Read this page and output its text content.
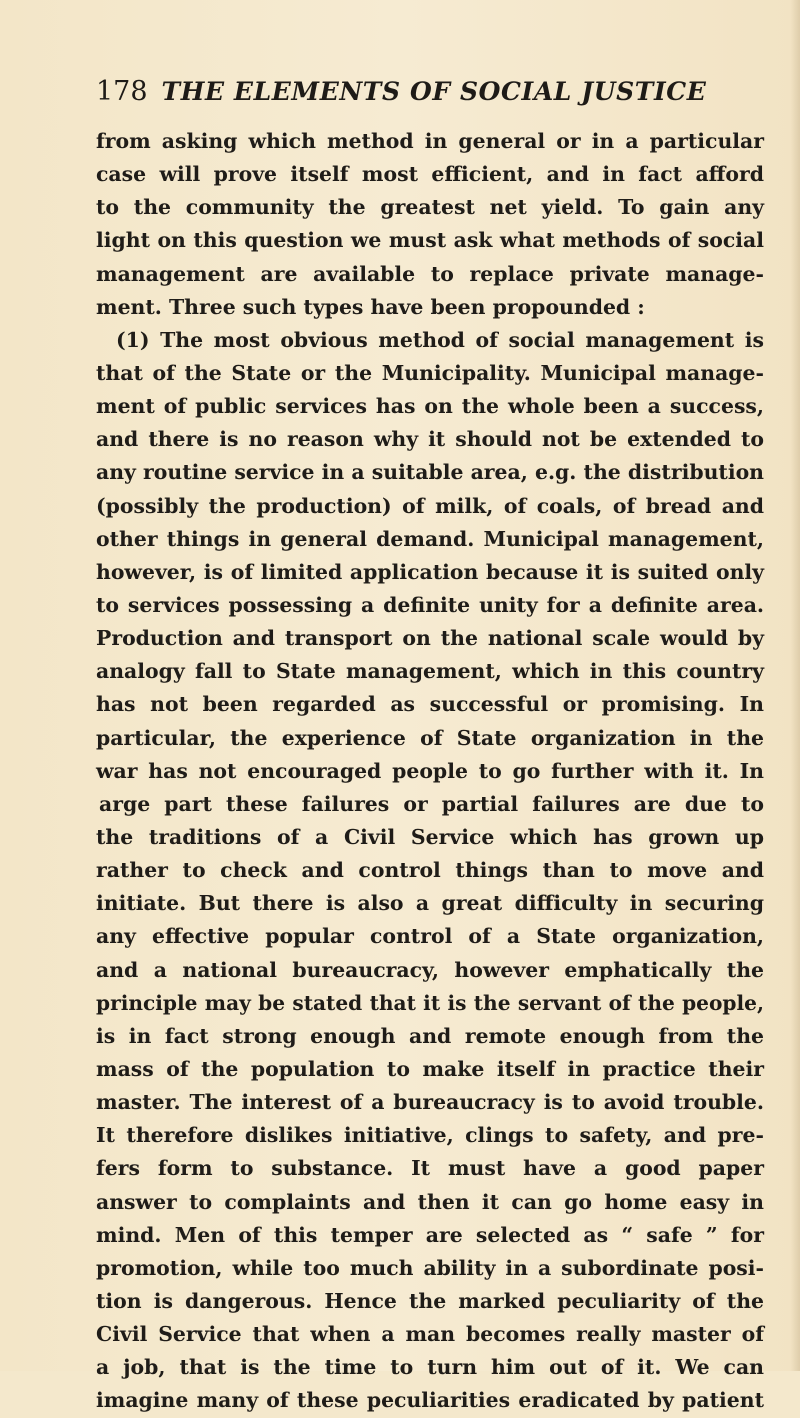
178 THE ELEMENTS OF SOCIAL JUSTICE
from asking which method in general or in a particular
case will prove itself most efficient, and in fact afford
to the community the greatest net yield. To gain any
light on this question we must ask what methods of social
management are available to replace private manage-
ment. Three such types have been propounded :
(1) The most obvious method of social management is
that of the State or the Municipality. Municipal manage-
ment of public services has on the whole been a success,
and there is no reason why it should not be extended to
any routine service in a suitable area, e.g. the distribution
(possibly the production) of milk, of coals, of bread and
other things in general demand. Municipal management,
however, is of limited application because it is suited only
to services possessing a definite unity for a definite area.
Production and transport on the national scale would by
analogy fall to State management, which in this country
has not been regarded as successful or promising. In
particular, the experience of State organization in the
war has not encouraged people to go further with it. In
arge part these failures or partial failures are due to
the traditions of a Civil Service which has grown up
rather to check and control things than to move and
initiate. But there is also a great difficulty in securing
any effective popular control of a State organization,
and a national bureaucracy, however emphatically the
principle may be stated that it is the servant of the people,
is in fact strong enough and remote enough from the
mass of the population to make itself in practice their
master. The interest of a bureaucracy is to avoid trouble.
It therefore dislikes initiative, clings to safety, and pre-
fers form to substance. It must have a good paper
answer to complaints and then it can go home easy in
mind. Men of this temper are selected as “ safe ” for
promotion, while too much ability in a subordinate posi-
tion is dangerous. Hence the marked peculiarity of the
Civil Service that when a man becomes really master of
a job, that is the time to turn him out of it. We can
imagine many of these peculiarities eradicated by patient
